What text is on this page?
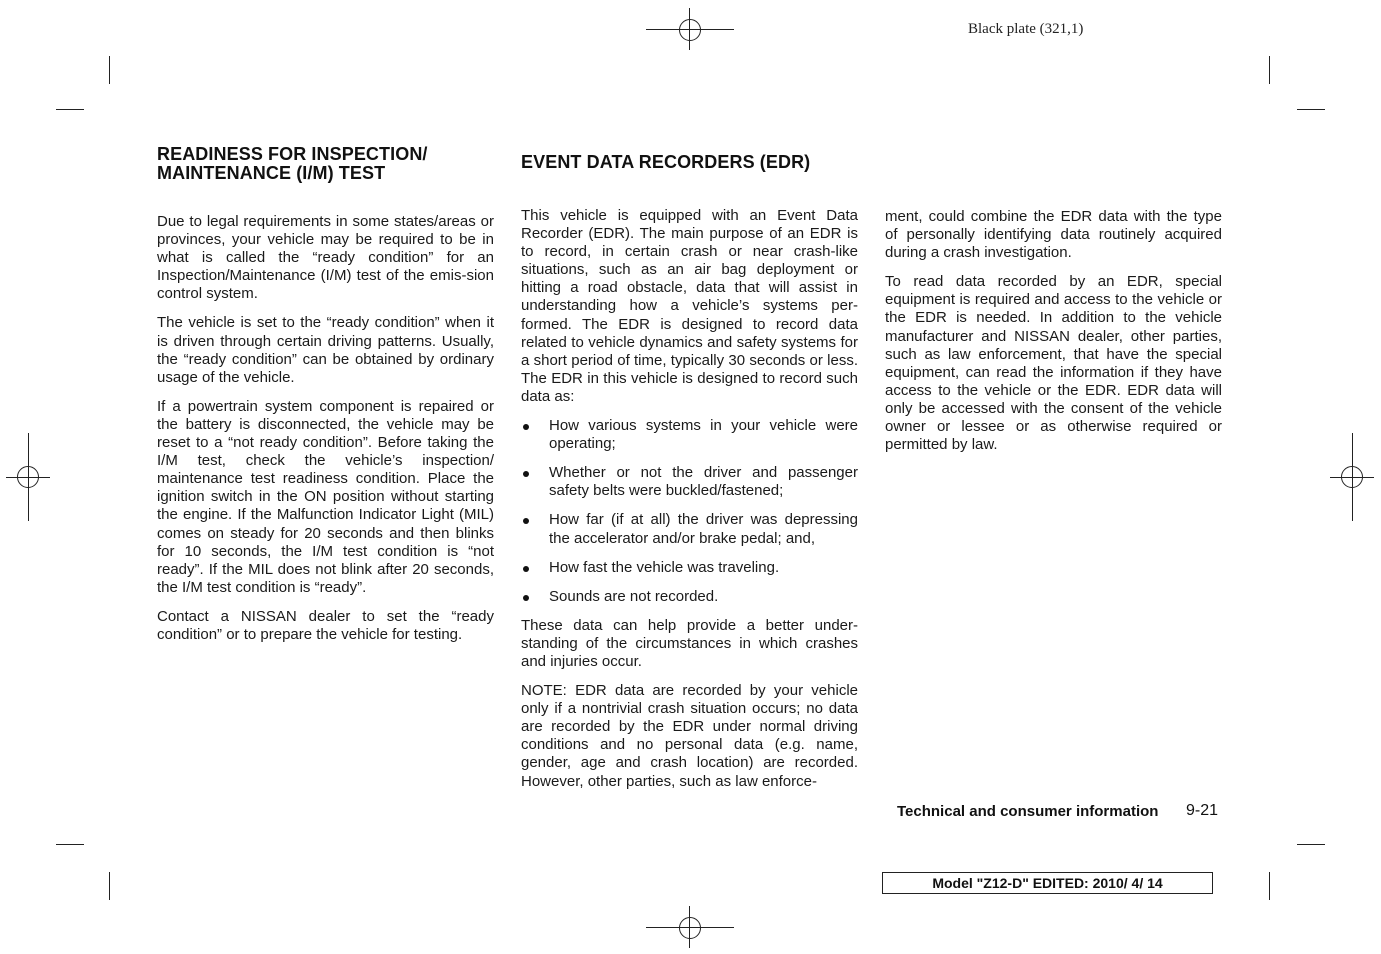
Black plate (321,1)
READINESS FOR INSPECTION/ MAINTENANCE (I/M) TEST

Due to legal requirements in some states/areas or provinces, your vehicle may be required to be in what is called the “ready condition” for an Inspection/Maintenance (I/M) test of the emis-sion control system.

The vehicle is set to the “ready condition” when it is driven through certain driving patterns. Usually, the “ready condition” can be obtained by ordinary usage of the vehicle.

If a powertrain system component is repaired or the battery is disconnected, the vehicle may be reset to a “not ready condition”. Before taking the I/M test, check the vehicle’s inspection/ maintenance test readiness condition. Place the ignition switch in the ON position without starting the engine. If the Malfunction Indicator Light (MIL) comes on steady for 20 seconds and then blinks for 10 seconds, the I/M test condition is “not ready”. If the MIL does not blink after 20 seconds, the I/M test condition is “ready”.

Contact a NISSAN dealer to set the “ready condition” or to prepare the vehicle for testing.

EVENT DATA RECORDERS (EDR)

This vehicle is equipped with an Event Data Recorder (EDR). The main purpose of an EDR is to record, in certain crash or near crash-like situations, such as an air bag deployment or hitting a road obstacle, data that will assist in understanding how a vehicle’s systems per-formed. The EDR is designed to record data related to vehicle dynamics and safety systems for a short period of time, typically 30 seconds or less. The EDR in this vehicle is designed to record such data as:

How various systems in your vehicle were operating;
Whether or not the driver and passenger safety belts were buckled/fastened;
How far (if at all) the driver was depressing the accelerator and/or brake pedal; and,
How fast the vehicle was traveling.
Sounds are not recorded.

These data can help provide a better under-standing of the circumstances in which crashes and injuries occur.

NOTE: EDR data are recorded by your vehicle only if a nontrivial crash situation occurs; no data are recorded by the EDR under normal driving conditions and no personal data (e.g. name, gender, age and crash location) are recorded. However, other parties, such as law enforce-

ment, could combine the EDR data with the type of personally identifying data routinely acquired during a crash investigation.

To read data recorded by an EDR, special equipment is required and access to the vehicle or the EDR is needed. In addition to the vehicle manufacturer and NISSAN dealer, other parties, such as law enforcement, that have the special equipment, can read the information if they have access to the vehicle or the EDR. EDR data will only be accessed with the consent of the vehicle owner or lessee or as otherwise required or permitted by law.

Technical and consumer information 9-21
Model "Z12-D" EDITED: 2010/ 4/ 14
